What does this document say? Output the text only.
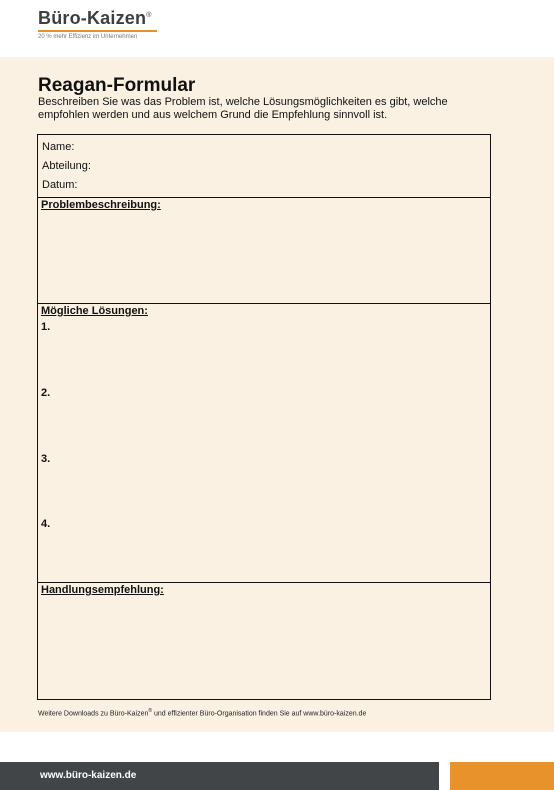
Büro-Kaizen®
20 % mehr Effizienz im Unternehmen
Reagan-Formular
Beschreiben Sie was das Problem ist, welche Lösungsmöglichkeiten es gibt, welche empfohlen werden und aus welchem Grund die Empfehlung sinnvoll ist.
Name:
Abteilung:
Datum:
Problembeschreibung:
Mögliche Lösungen:
1.
2.
3.
4.
Handlungsempfehlung:
Weitere Downloads zu Büro-Kaizen® und effizienter Büro-Organisation finden Sie auf www.büro-kaizen.de
www.büro-kaizen.de
